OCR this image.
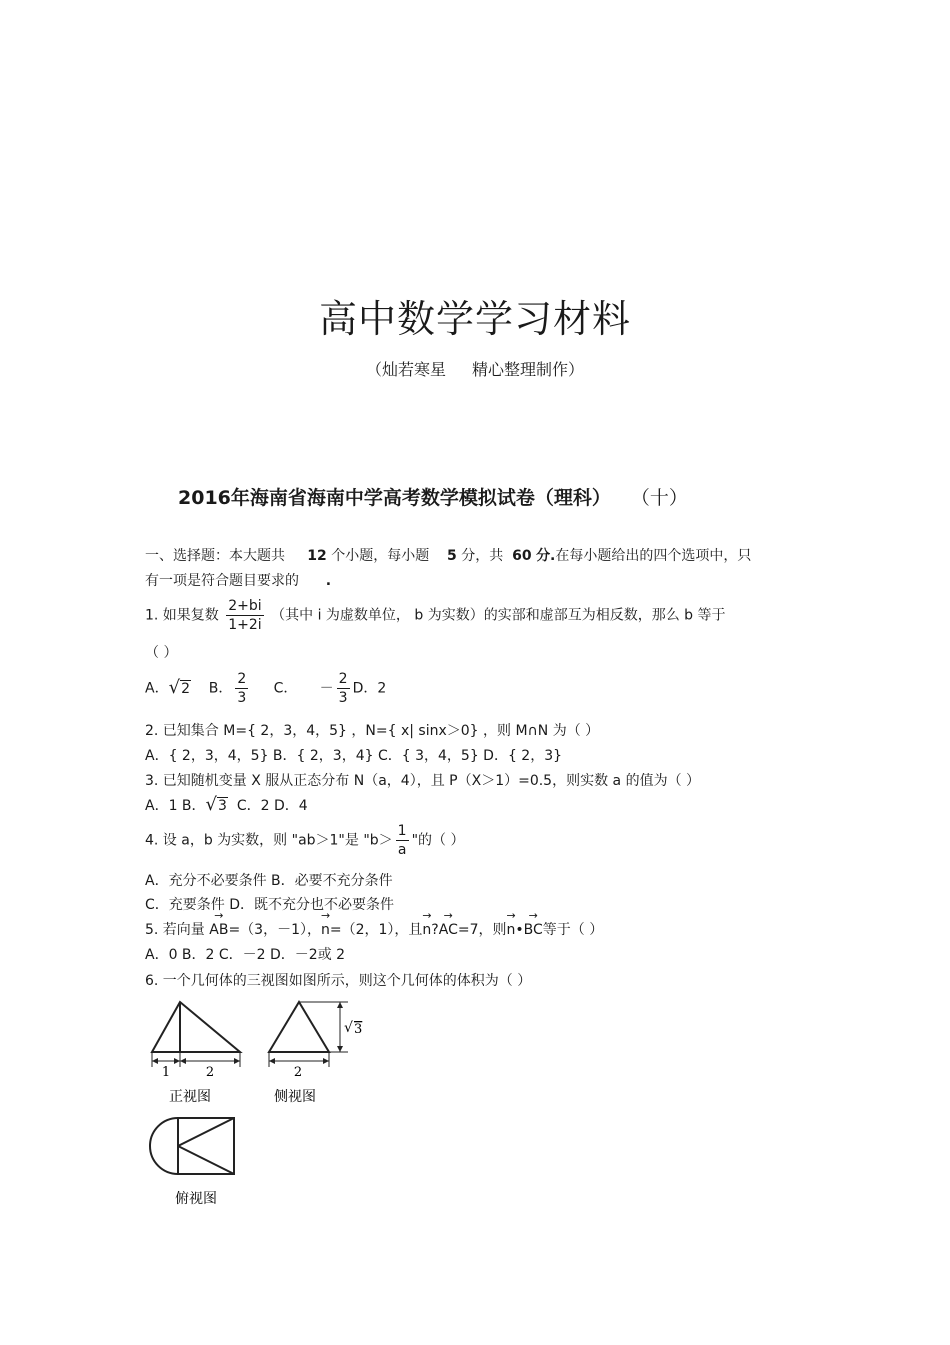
高中数学学习材料
（灿若寒星 精心整理制作）
2016年海南省海南中学高考数学模拟试卷（理科） （十）
一、选择题：本大题共 12 个小题，每小题 5 分，共 60 分.在每小题给出的四个选项中，只
有一项是符合题目要求的 .
1. 如果复数 $\frac{2+bi}{1+2i}$ （其中 i 为虚数单位， b 为实数）的实部和虚部互为相反数，那么 b 等于
（ ）
A．√2 B． $\frac{2}{3}$ C． － $\frac{2}{3}$ D．2
2. 已知集合 M={ 2，3，4，5} ，N={ x| sinx＞0} ，则 M∩N 为（ ）
A．{ 2，3，4，5} B．{ 2，3，4} C．{ 3，4，5} D．{ 2，3}
3. 已知随机变量 X 服从正态分布 N（a，4），且 P（X＞1）=0.5，则实数 a 的值为（ ）
A．1 B．√3 C．2 D．4
4. 设 a，b 为实数，则 "ab＞1"是 "$b> \frac{1}{a}$ "的（ ）
A．充分不必要条件 B．必要不充分条件
C．充要条件 D．既不充分也不必要条件
5. 若向量 → AB=（3，－1），→ n=（2，1），且→ n?→ AC=7，则→ n•→ BC等于（ ）
A．0 B．2 C．－2 D．－2或 2
6. 一个几何体的三视图如图所示，则这个几何体的体积为（ ）
1	2
正视图
2
√ 3
侧视图
俯视图
